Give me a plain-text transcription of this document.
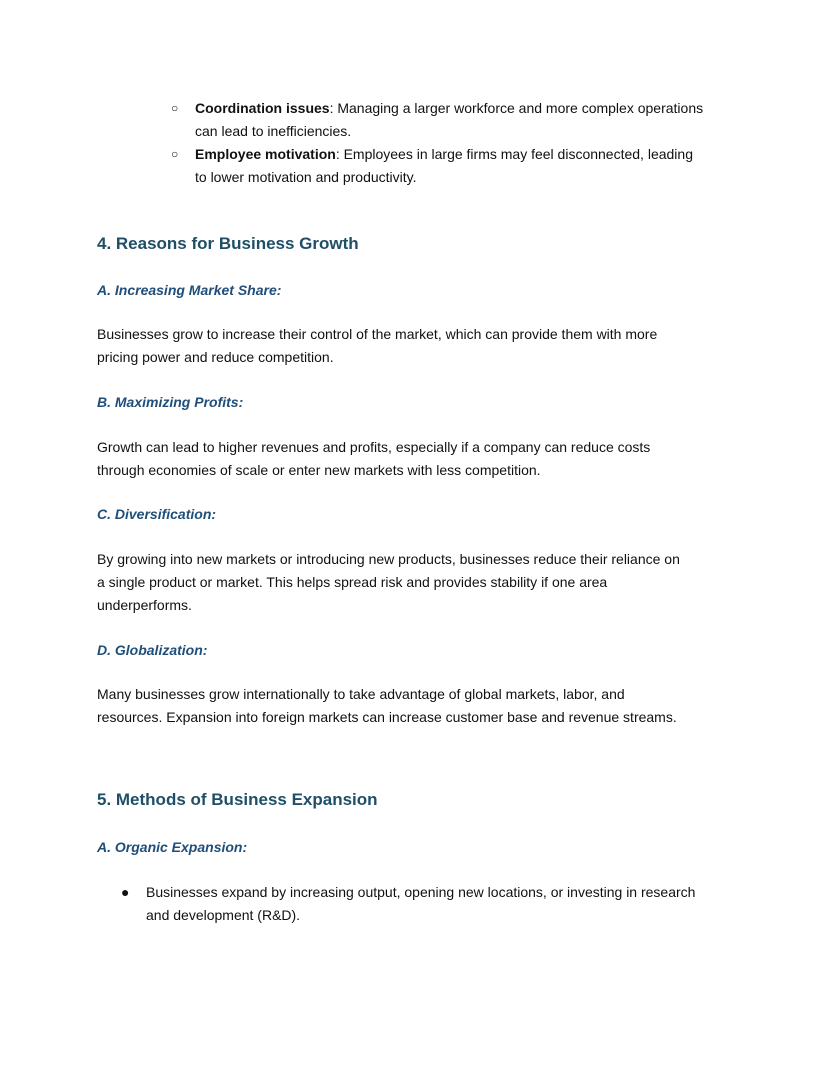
○ Coordination issues: Managing a larger workforce and more complex operations
can lead to inefficiencies.
○ Employee motivation: Employees in large firms may feel disconnected, leading
to lower motivation and productivity.
4. Reasons for Business Growth
A. Increasing Market Share:
Businesses grow to increase their control of the market, which can provide them with more
pricing power and reduce competition.
B. Maximizing Profits:
Growth can lead to higher revenues and profits, especially if a company can reduce costs
through economies of scale or enter new markets with less competition.
C. Diversification:
By growing into new markets or introducing new products, businesses reduce their reliance on
a single product or market. This helps spread risk and provides stability if one area
underperforms.
D. Globalization:
Many businesses grow internationally to take advantage of global markets, labor, and
resources. Expansion into foreign markets can increase customer base and revenue streams.
5. Methods of Business Expansion
A. Organic Expansion:
● Businesses expand by increasing output, opening new locations, or investing in research
and development (R&D).
